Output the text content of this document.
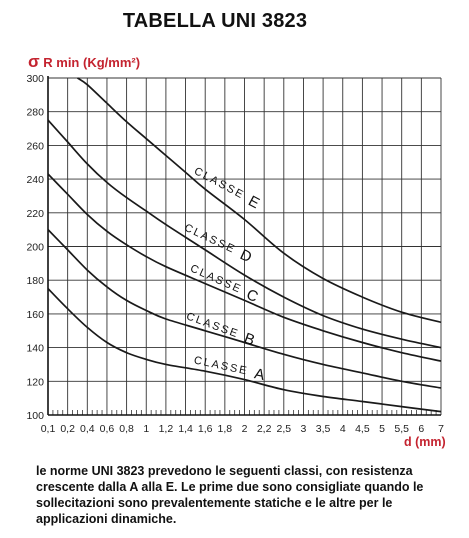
TABELLA UNI 3823
σ R min (Kg/mm²)
100
120
140
160
180
200
220
240
260
280
300
0,1 0,2 0,4 0,6 0,8 1 1,2 1,4 1,6 1,8 2 2,2 2,5 3 3,5 4 4,5 5 5,5 6 7
d (mm)
CLASSE A
CLASSE B
CLASSE C
CLASSE
D
CLASSE
E
le norme UNI 3823 prevedono le seguenti classi, con resistenza crescente dalla A alla E. Le prime due sono consigliate quando le sollecitazioni sono prevalentemente statiche e le altre per le applicazioni dinamiche.
